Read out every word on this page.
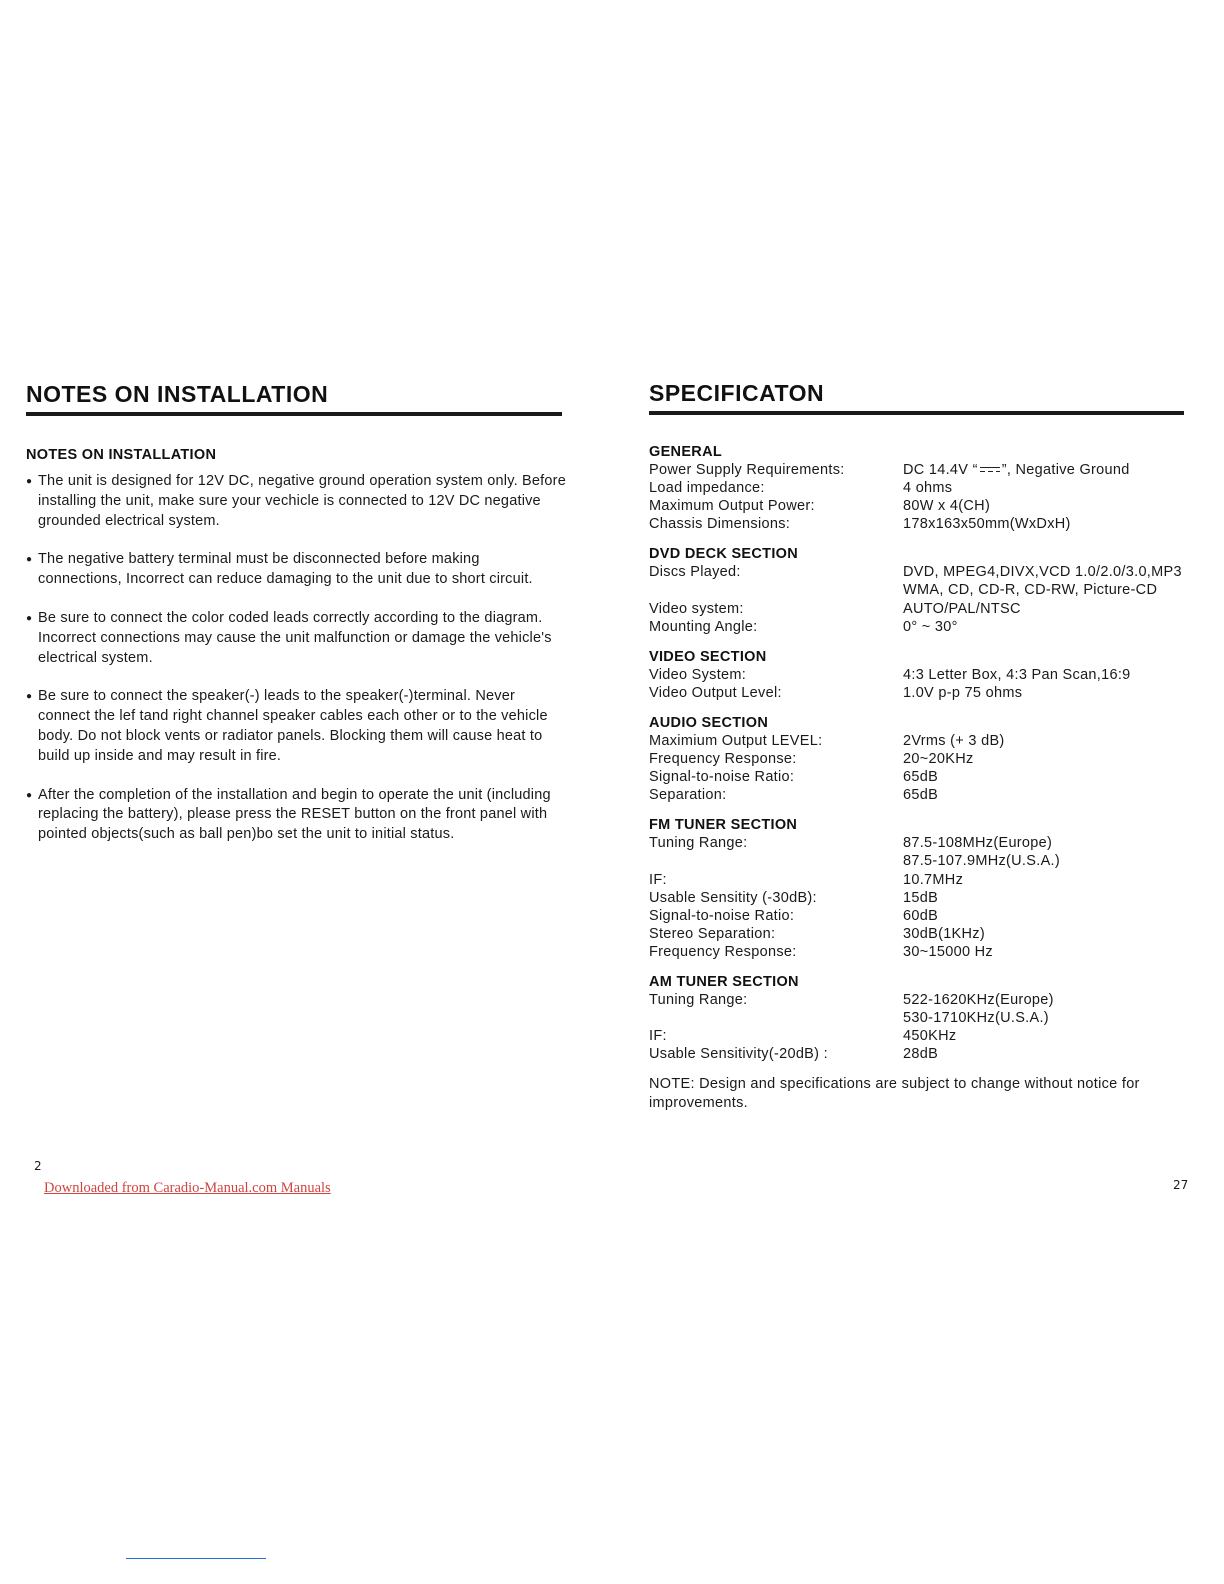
NOTES ON INSTALLATION
NOTES ON INSTALLATION
● The unit is designed for 12V DC, negative ground operation system only. Before installing the unit, make sure your vechicle is connected to 12V DC negative grounded electrical system.
● The negative battery terminal must be disconnected before making connections, Incorrect can reduce damaging to the unit due to short circuit.
● Be sure to connect the color coded leads correctly according to the diagram. Incorrect connections may cause the unit malfunction or damage the vehicle's electrical system.
● Be sure to connect the speaker(-) leads to the speaker(-)terminal. Never connect the lef tand right channel speaker cables each other or to the vehicle body. Do not block vents or radiator panels. Blocking them will cause heat to build up inside and may result in fire.
● After the completion of the installation and begin to operate the unit (including replacing the battery), please press the RESET button on the front panel with pointed objects(such as ball pen)bo set the unit to initial status.
2
Downloaded from Caradio-Manual.com Manuals
SPECIFICATON
GENERAL
Power Supply Requirements:	DC 14.4V “ ”, Negative Ground
Load impedance:	4 ohms
Maximum Output Power:	80W x 4(CH)
Chassis Dimensions:	178x163x50mm(WxDxH)
DVD DECK SECTION
Discs Played:	DVD, MPEG4,DIVX,VCD 1.0/2.0/3.0,MP3
WMA, CD, CD-R, CD-RW, Picture-CD
Video system:	AUTO/PAL/NTSC
Mounting Angle:	0° ~ 30°
VIDEO SECTION
Video System:	4:3 Letter Box, 4:3 Pan Scan,16:9
Video Output Level:	1.0V p-p 75 ohms
AUDIO SECTION
Maximium Output LEVEL:	2Vrms (+ 3 dB)
Frequency Response:	20~20KHz
Signal-to-noise Ratio:	65dB
Separation:	65dB
FM TUNER SECTION
Tuning Range:	87.5-108MHz(Europe)
87.5-107.9MHz(U.S.A.)
IF:	10.7MHz
Usable Sensitity (-30dB):	15dB
Signal-to-noise Ratio:	60dB
Stereo Separation:	30dB(1KHz)
Frequency Response:	30~15000 Hz
AM TUNER SECTION
Tuning Range:	522-1620KHz(Europe)
530-1710KHz(U.S.A.)
IF:	450KHz
Usable Sensitivity(-20dB) :	28dB
NOTE: Design and specifications are subject to change without notice for improvements.
27
